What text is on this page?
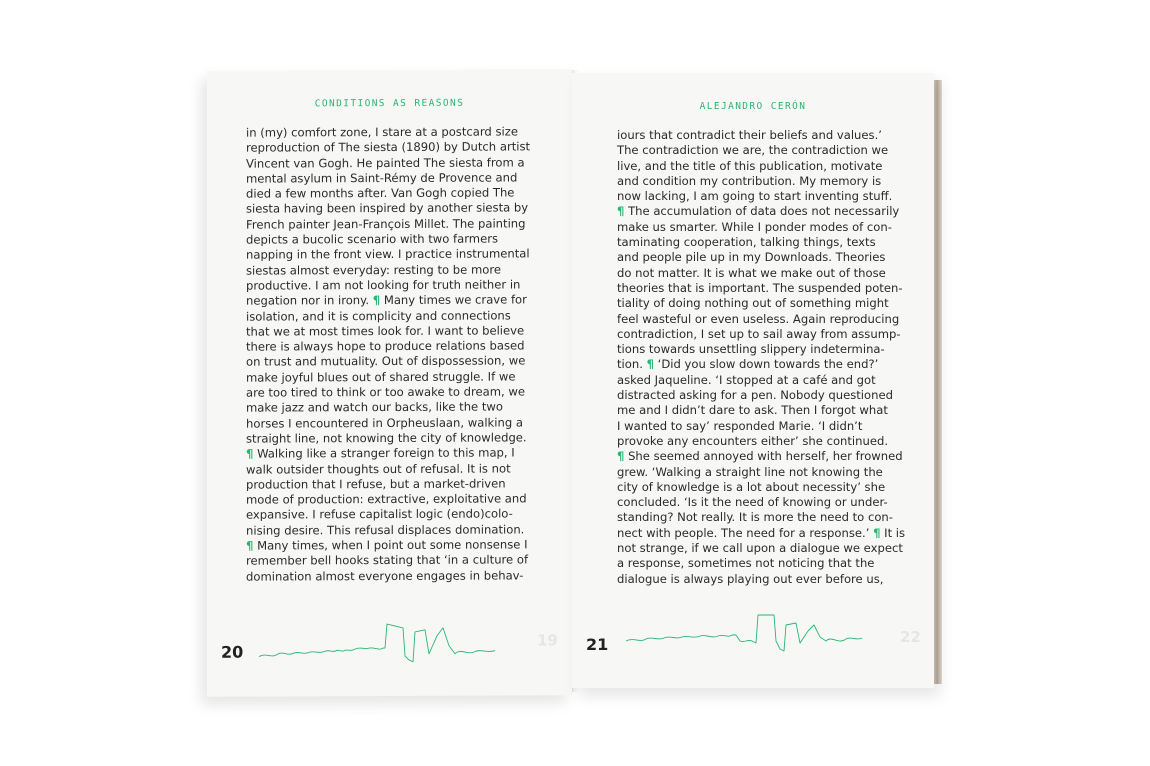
CONDITIONS AS REASONS
in (my) comfort zone, I stare at a postcard size
reproduction of The siesta (1890) by Dutch artist
Vincent van Gogh. He painted The siesta from a
mental asylum in Saint-Rémy de Provence and
died a few months after. Van Gogh copied The
siesta having been inspired by another siesta by
French painter Jean-François Millet. The painting
depicts a bucolic scenario with two farmers
napping in the front view. I practice instrumental
siestas almost everyday: resting to be more
productive. I am not looking for truth neither in
negation nor in irony. ¶ Many times we crave for
isolation, and it is complicity and connections
that we at most times look for. I want to believe
there is always hope to produce relations based
on trust and mutuality. Out of dispossession, we
make joyful blues out of shared struggle. If we
are too tired to think or too awake to dream, we
make jazz and watch our backs, like the two
horses I encountered in Orpheuslaan, walking a
straight line, not knowing the city of knowledge.
¶ Walking like a stranger foreign to this map, I
walk outsider thoughts out of refusal. It is not
production that I refuse, but a market-driven
mode of production: extractive, exploitative and
expansive. I refuse capitalist logic (endo)colo-
nising desire. This refusal displaces domination.
¶ Many times, when I point out some nonsense I
remember bell hooks stating that ‘in a culture of
domination almost everyone engages in behav-
20
19
ALEJANDRO CERÓN
iours that contradict their beliefs and values.’
The contradiction we are, the contradiction we
live, and the title of this publication, motivate
and condition my contribution. My memory is
now lacking, I am going to start inventing stuff.
¶ The accumulation of data does not necessarily
make us smarter. While I ponder modes of con-
taminating cooperation, talking things, texts
and people pile up in my Downloads. Theories
do not matter. It is what we make out of those
theories that is important. The suspended poten-
tiality of doing nothing out of something might
feel wasteful or even useless. Again reproducing
contradiction, I set up to sail away from assump-
tions towards unsettling slippery indetermina-
tion. ¶ ‘Did you slow down towards the end?’
asked Jaqueline. ‘I stopped at a café and got
distracted asking for a pen. Nobody questioned
me and I didn’t dare to ask. Then I forgot what
I wanted to say’ responded Marie. ‘I didn’t
provoke any encounters either’ she continued.
¶ She seemed annoyed with herself, her frowned
grew. ‘Walking a straight line not knowing the
city of knowledge is a lot about necessity’ she
concluded. ‘Is it the need of knowing or under-
standing? Not really. It is more the need to con-
nect with people. The need for a response.’ ¶ It is
not strange, if we call upon a dialogue we expect
a response, sometimes not noticing that the
dialogue is always playing out ever before us,
21	22
